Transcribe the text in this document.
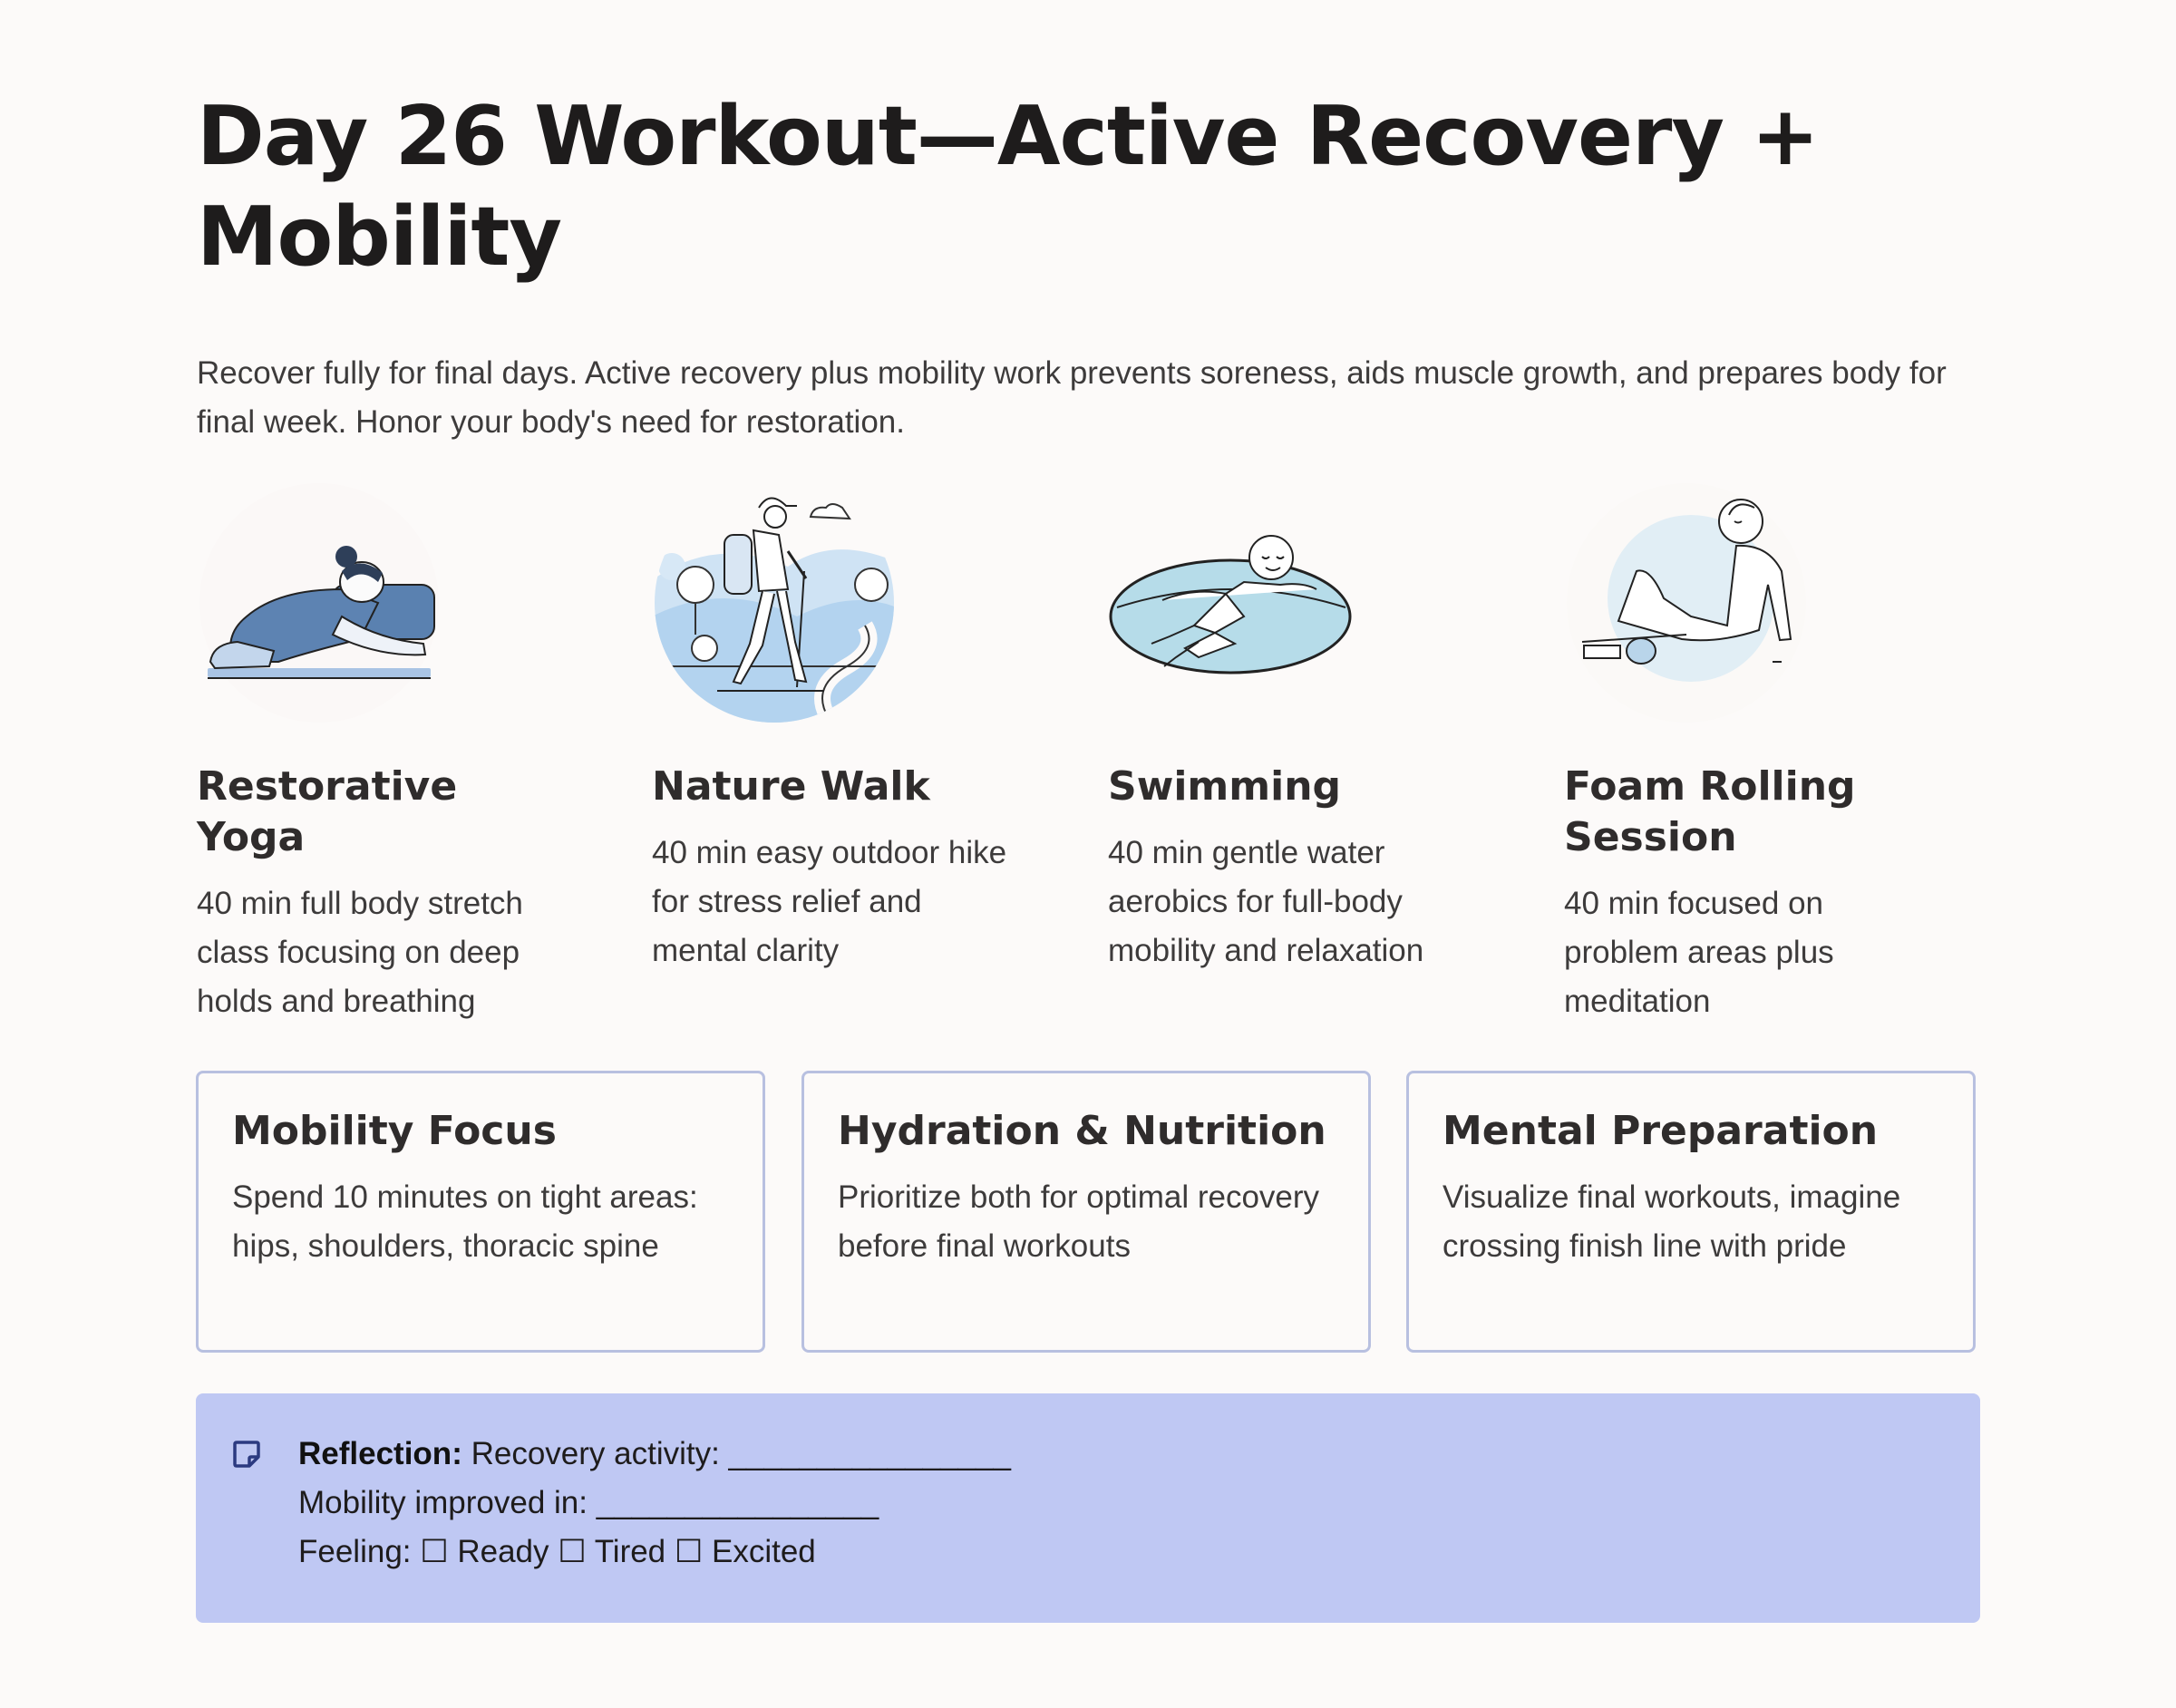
Day 26 Workout—Active Recovery + Mobility

Recover fully for final days. Active recovery plus mobility work prevents soreness, aids muscle growth, and prepares body for final week. Honor your body's need for restoration.

Restorative Yoga

40 min full body stretch class focusing on deep holds and breathing

Nature Walk

40 min easy outdoor hike for stress relief and mental clarity

Swimming

40 min gentle water aerobics for full-body mobility and relaxation

Foam Rolling Session

40 min focused on problem areas plus meditation

Mobility Focus

Spend 10 minutes on tight areas: hips, shoulders, thoracic spine

Hydration & Nutrition

Prioritize both for optimal recovery before final workouts

Mental Preparation

Visualize final workouts, imagine crossing finish line with pride

Reflection: Recovery activity: ________________
Mobility improved in: ________________
Feeling: ☐ Ready ☐ Tired ☐ Excited
